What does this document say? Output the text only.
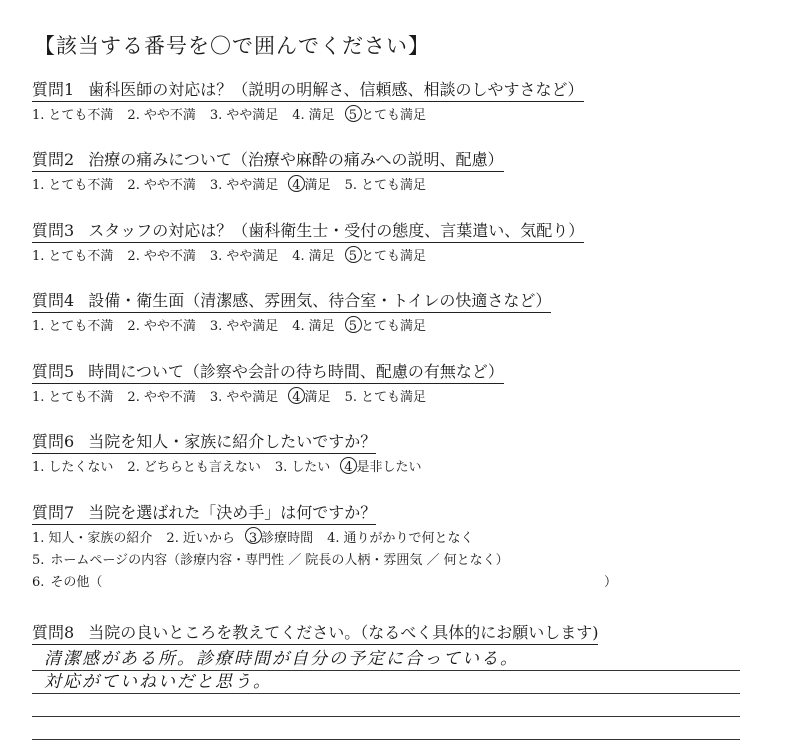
【該当する番号を〇で囲んでください】
質問1 歯科医師の対応は？（説明の明解さ、信頼感、相談のしやすさなど）
1. とても不満 2. やや不満 3. やや満足 4. 満足 5 とても満足
質問2 治療の痛みについて（治療や麻酔の痛みへの説明、配慮）
1. とても不満 2. やや不満 3. やや満足 4 満足 5. とても満足
質問3 スタッフの対応は？（歯科衛生士・受付の態度、言葉遣い、気配り）
1. とても不満 2. やや不満 3. やや満足 4. 満足 5 とても満足
質問4 設備・衛生面（清潔感、雰囲気、待合室・トイレの快適さなど）
1. とても不満 2. やや不満 3. やや満足 4. 満足 5 とても満足
質問5 時間について（診察や会計の待ち時間、配慮の有無など）
1. とても不満 2. やや不満 3. やや満足 4 満足 5. とても満足
質問6 当院を知人・家族に紹介したいですか？
1. したくない 2. どちらとも言えない 3. したい 4 是非したい
質問7 当院を選ばれた「決め手」は何ですか？
1. 知人・家族の紹介 2. 近いから 3 診療時間 4. 通りがかりで何となく
5. ホームページの内容（診療内容・専門性 ／ 院長の人柄・雰囲気 ／ 何となく）
6. その他（	）
質問8 当院の良いところを教えてください。（なるべく具体的にお願いします)
清潔感がある所。診療時間が自分の予定に合っている。
対応がていねいだと思う。
